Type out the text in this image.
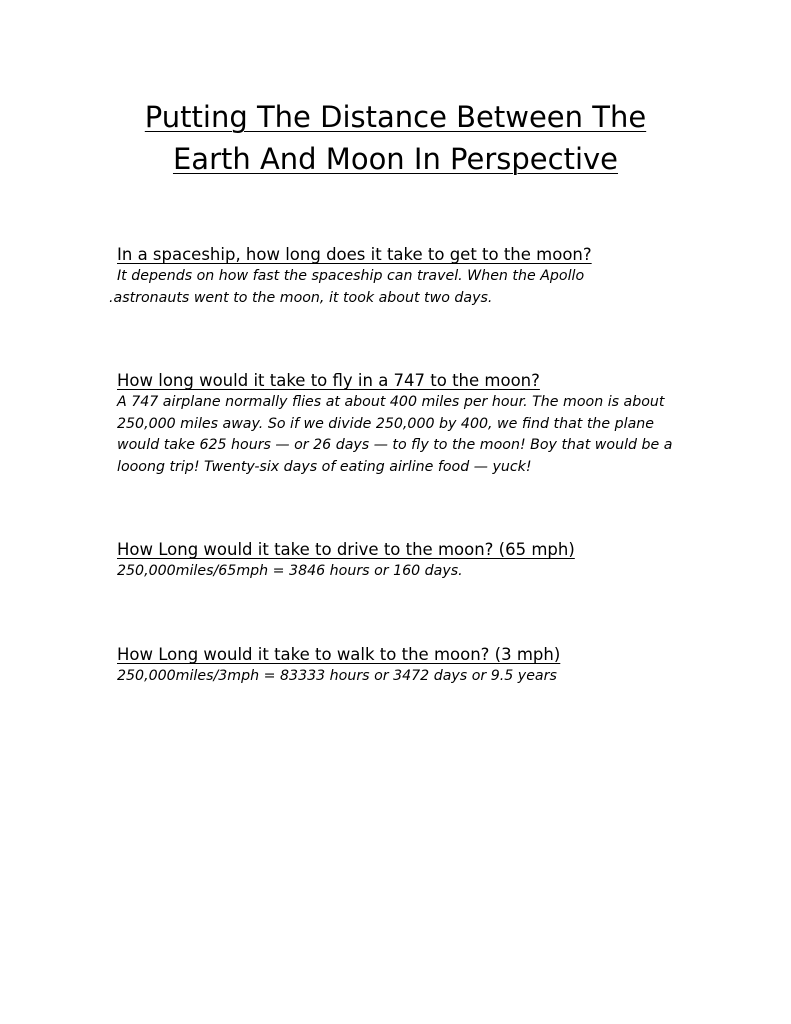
Putting The Distance Between The
Earth And Moon In Perspective
In a spaceship, how long does it take to get to the moon?

It depends on how fast the spaceship can travel. When the Apollo
.astronauts went to the moon, it took about two days.

How long would it take to fly in a 747 to the moon?

A 747 airplane normally flies at about 400 miles per hour. The moon is about
250,000 miles away. So if we divide 250,000 by 400, we find that the plane
would take 625 hours — or 26 days — to fly to the moon! Boy that would be a
looong trip! Twenty-six days of eating airline food — yuck!

How Long would it take to drive to the moon? (65 mph)

250,000miles/65mph = 3846 hours or 160 days.

How Long would it take to walk to the moon? (3 mph)

250,000miles/3mph = 83333 hours or 3472 days or 9.5 years
